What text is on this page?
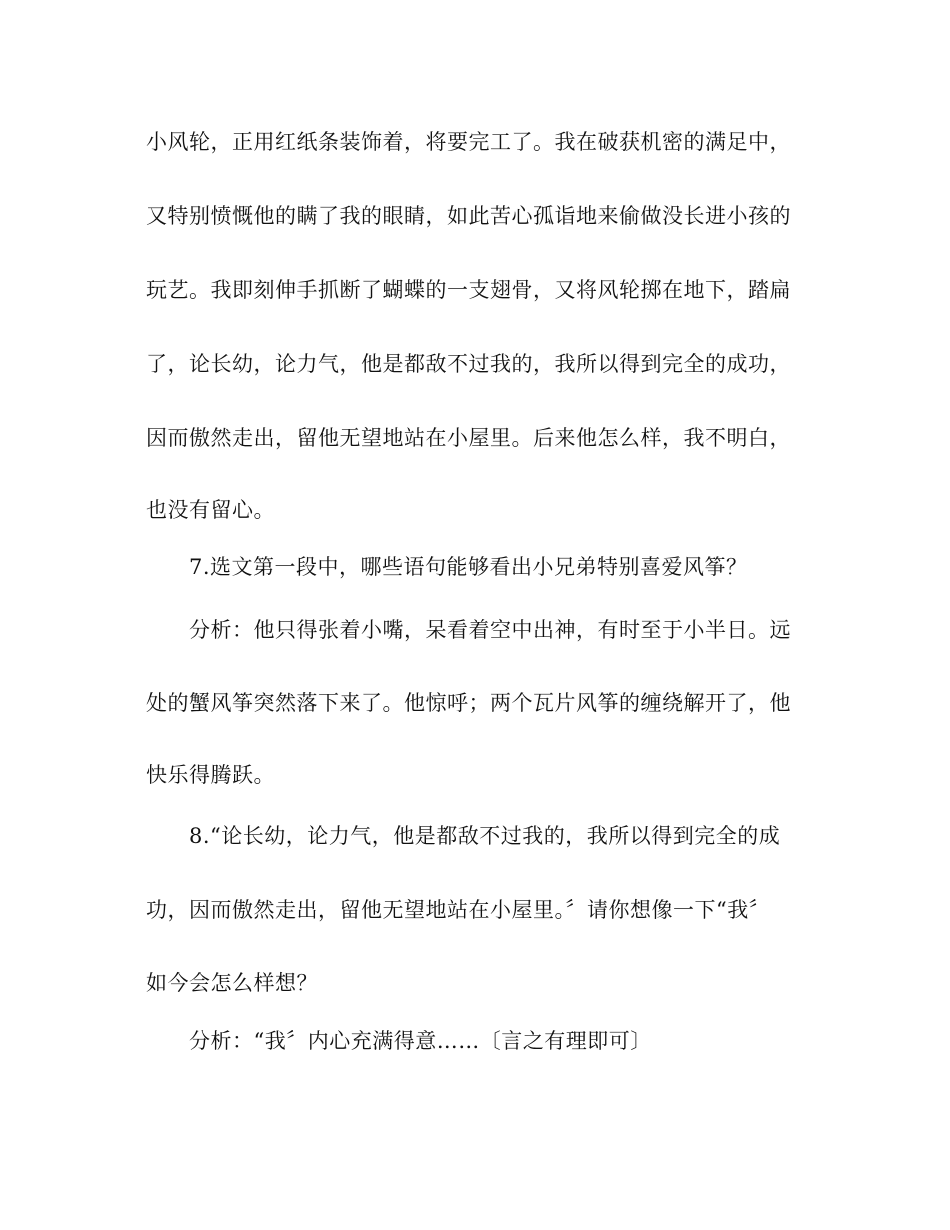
小风轮，正用红纸条装饰着，将要完工了。我在破获机密的满足中，
又特别愤慨他的瞒了我的眼睛，如此苦心孤诣地来偷做没长进小孩的
玩艺。我即刻伸手抓断了蝴蝶的一支翅骨，又将风轮掷在地下，踏扁
了，论长幼，论力气，他是都敌不过我的，我所以得到完全的成功，
因而傲然走出，留他无望地站在小屋里。后来他怎么样，我不明白，
也没有留心。
7.选文第一段中，哪些语句能够看出小兄弟特别喜爱风筝？
分析：他只得张着小嘴，呆看着空中出神，有时至于小半日。远
处的蟹风筝突然落下来了。他惊呼；两个瓦片风筝的缠绕解开了，他
快乐得腾跃。
8.“论长幼，论力气，他是都敌不过我的，我所以得到完全的成
功，因而傲然走出，留他无望地站在小屋里。〞请你想像一下“我〞
如今会怎么样想？
分析：“我〞内心充满得意……〔言之有理即可〕
